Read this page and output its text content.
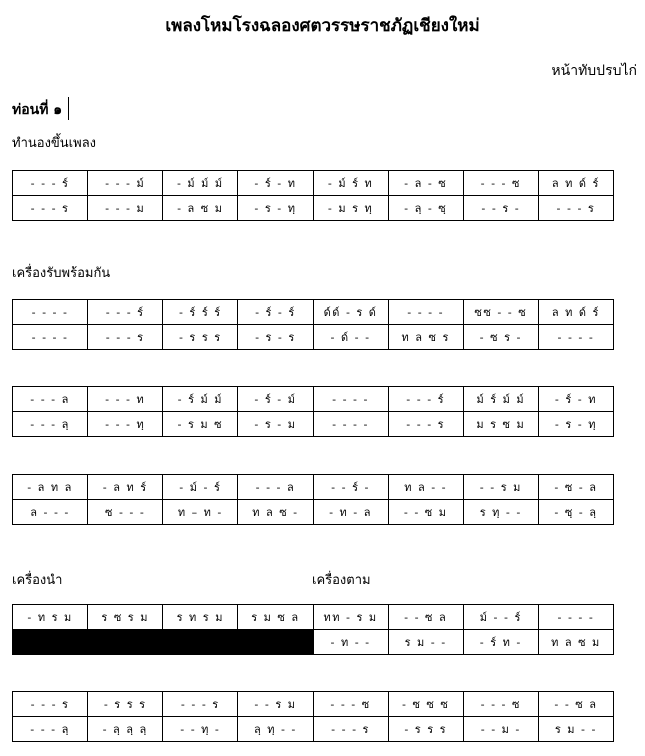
เพลงโหมโรงฉลองศตวรรษราชภัฏเชียงใหม่
หน้าทับปรบไก่
ท่อนที่ ๑
ทำนองขึ้นเพลง
เครื่องรับพร้อมกัน
เครื่องนำ	เครื่องตาม
- - - ร์	- - - ม์	- ม์ ม์ ม์	- ร์ - ท	- ม์ ร์ ท	- ล - ซ	- - - ซ	ล ท ด์ ร์
- - - ร	- - - ม	- ล ซ ม	- ร - ทฺ	- ม ร ทฺ	- ลฺ - ซฺ	- - ร -	- - - ร
- - - -	- - - ร์	- ร์ ร์ ร์	- ร์ - ร์	ด์ด์ - ร ด์	- - - -	ซซ - - ซ	ล ท ด์ ร์
- - - -	- - - ร	- ร ร ร	- ร - ร	- ด์ - -	ท ล ซ ร	- ซ ร -	- - - -
- - - ล	- - - ท	- ร์ ม์ ม์	- ร์ - ม์	- - - -	- - - ร์	ม์ ร์ ม์ ม์	- ร์ - ท
- - - ลฺ	- - - ทฺ	- ร ม ซ	- ร - ม	- - - -	- - - ร	ม ร ซ ม	- ร - ทฺ
- ล ท ล	- ล ท ร์	- ม์ - ร์	- - - ล	- - ร์ -	ท ล - -	- - ร ม	- ซ - ล
ล - - -	ซ - - -	ท – ท -	ท ล ซ -	- ท - ล	- - ซ ม	ร ทฺ - -	- ซฺ - ลฺ
- ท ร ม	ร ซ ร ม	ร ท ร ม	ร ม ซ ล	ทท - ร ม	- - ซ ล	ม์ - - ร์	- - - -
				- ท - -	ร ม - -	- ร์ ท -	ท ล ซ ม
- - - ร	- ร ร ร	- - - ร	- - ร ม	- - - ซ	- ซ ซ ซ	- - - ซ	- - ซ ล
- - - ลฺ	- ลฺ ลฺ ลฺ	- - ทฺ -	ลฺ ทฺ - -	- - - ร	- ร ร ร	- - ม -	ร ม - -
